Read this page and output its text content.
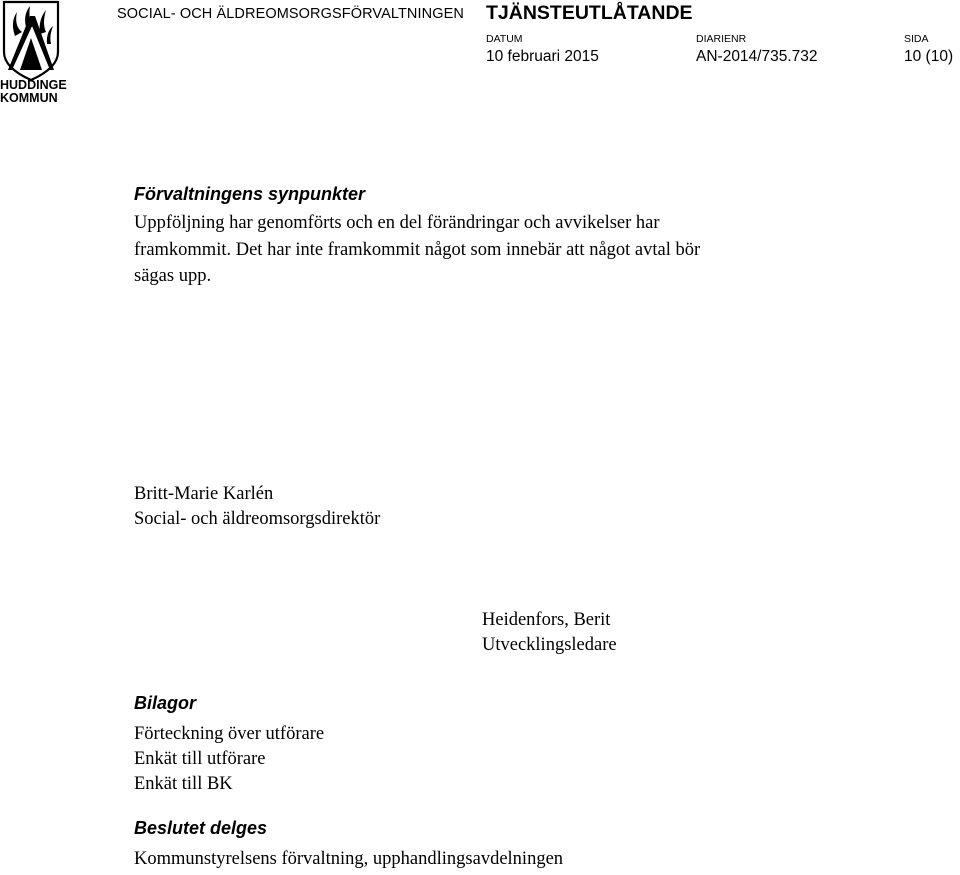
HUDDINGE
KOMMUN
SOCIAL- OCH ÄLDREOMSORGSFÖRVALTNINGEN TJÄNSTEUTLÅTANDE
DATUM
10 februari 2015
DIARIENR
AN-2014/735.732
SIDA
10 (10)
Förvaltningens synpunkter
Uppföljning har genomförts och en del förändringar och avvikelser har
framkommit. Det har inte framkommit något som innebär att något avtal bör
sägas upp.
Britt-Marie Karlén
Social- och äldreomsorgsdirektör
Heidenfors, Berit
Utvecklingsledare
Bilagor
Förteckning över utförare
Enkät till utförare
Enkät till BK
Beslutet delges
Kommunstyrelsens förvaltning, upphandlingsavdelningen
